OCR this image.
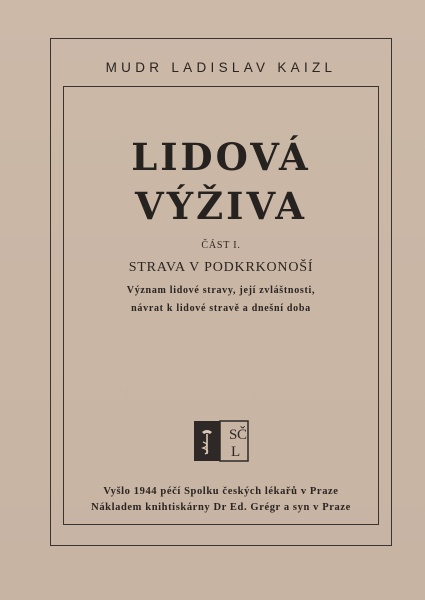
MUDR LADISLAV KAIZL
LIDOVÁ
VÝŽIVA
ČÁST I.
STRAVA V PODKRKONOŠÍ
Význam lidové stravy, její zvláštnosti,
návrat k lidové stravě a dnešní doba
S Č
L
Vyšlo 1944 péčí Spolku českých lékařů v Praze
Nákladem knihtiskárny Dr Ed. Grégr a syn v Praze
